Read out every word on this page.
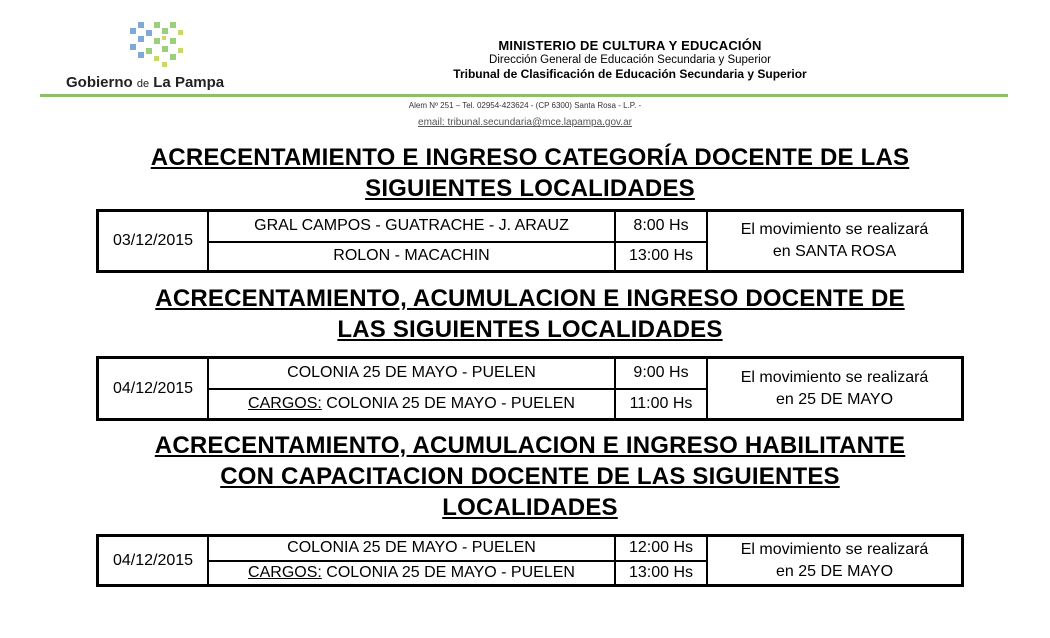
Gobierno de La Pampa
MINISTERIO DE CULTURA Y EDUCACIÓN
Dirección General de Educación Secundaria y Superior
Tribunal de Clasificación de Educación Secundaria y Superior
Alem Nº 251 – Tel. 02954-423624 - (CP 6300) Santa Rosa - L.P. -
email: tribunal.secundaria@mce.lapampa.gov.ar
ACRECENTAMIENTO E INGRESO CATEGORÍA DOCENTE DE LAS
SIGUIENTES LOCALIDADES
03/12/2015	GRAL CAMPOS - GUATRACHE - J. ARAUZ	8:00 Hs	El movimiento se realizará
en SANTA ROSA

	ROLON - MACACHIN	13:00 Hs	
ACRECENTAMIENTO, ACUMULACION E INGRESO DOCENTE DE
LAS SIGUIENTES LOCALIDADES
04/12/2015	COLONIA 25 DE MAYO - PUELEN	9:00 Hs	El movimiento se realizará
en 25 DE MAYO

	CARGOS: COLONIA 25 DE MAYO - PUELEN	11:00 Hs	
ACRECENTAMIENTO, ACUMULACION E INGRESO HABILITANTE
CON CAPACITACION DOCENTE DE LAS SIGUIENTES
LOCALIDADES
04/12/2015	COLONIA 25 DE MAYO - PUELEN	12:00 Hs	El movimiento se realizará
en 25 DE MAYO

	CARGOS: COLONIA 25 DE MAYO - PUELEN	13:00 Hs	
